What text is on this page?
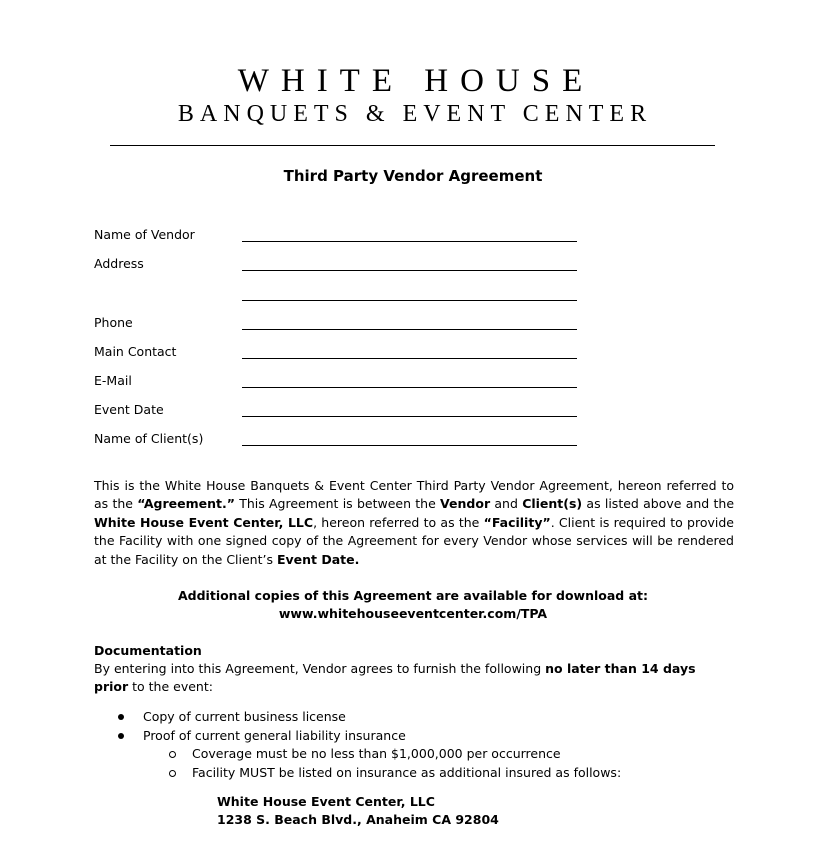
WHITE HOUSE
BANQUETS & EVENT CENTER
Third Party Vendor Agreement
Name of Vendor
Address
Phone
Main Contact
E-Mail
Event Date
Name of Client(s)
This is the White House Banquets & Event Center Third Party Vendor Agreement, hereon referred to as the “Agreement.” This Agreement is between the Vendor and Client(s) as listed above and the White House Event Center, LLC, hereon referred to as the “Facility”. Client is required to provide the Facility with one signed copy of the Agreement for every Vendor whose services will be rendered at the Facility on the Client’s Event Date.
Additional copies of this Agreement are available for download at:
www.whitehouseeventcenter.com/TPA
Documentation
By entering into this Agreement, Vendor agrees to furnish the following no later than 14 days prior to the event:
Copy of current business license
Proof of current general liability insurance
Coverage must be no less than $1,000,000 per occurrence
Facility MUST be listed on insurance as additional insured as follows:
White House Event Center, LLC
1238 S. Beach Blvd., Anaheim CA 92804
